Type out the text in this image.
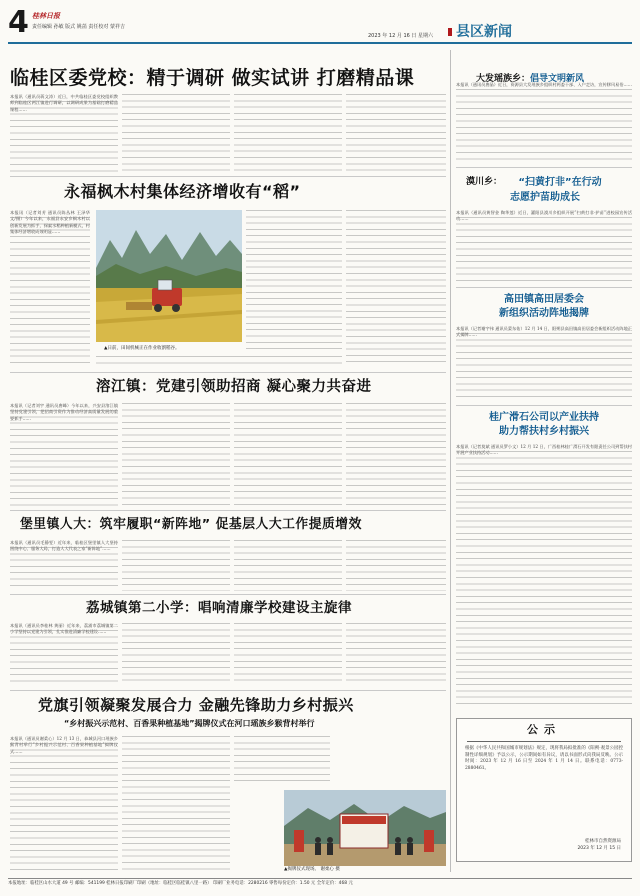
4 桂林日报
责任编辑 孙敏 版式 姚菡 责任校对 蒙祥吉
2023 年 12 月 16 日 星期六 县区新闻
临桂区委党校：精于调研 做实试讲 打磨精品课
本报讯（通讯员蒋文涛）近日，中共临桂区委党校组织教师到临桂区两江镇进行调研，以调研成果为基础打磨精品课程……
永福枫木村集体经济增收有“稻”
本报讯（记者刘芳 通讯员陈丛林 王泽华 文/摄）今年以来，永福县永安乡枫木村以创新发展为抓手，探索水稻种植新模式，村集体经济增收成效明显……
▲日前，田间机械正在作业收割稻谷。
溶江镇：党建引领助招商 凝心聚力共奋进
本报讯（记者刘宇 通讯员唐峰）今年以来，兴安县溶江镇坚持党建引领，把招商引资作为推动经济高质量发展的重要抓手……
堡里镇人大：筑牢履职“新阵地” 促基层人大工作提质增效
本报讯（通讯员毛静雯）近年来，临桂区堡里镇人大坚持围绕中心、服务大局，打造人大代表之家“新阵地”……
荔城镇第二小学：唱响清廉学校建设主旋律
本报讯（通讯员李桂林 黄丽）近年来，荔浦市荔城镇第二小学坚持以党建为引领，扎实推进清廉学校建设……
党旗引领凝聚发展合力 金融先锋助力乡村振兴
“乡村振兴示范村、百香果种植基地”揭牌仪式在河口瑶族乡猴背村举行
本报讯（通讯员谢柔心）12 月 13 日，恭城县河口瑶族乡猴背村举行“乡村振兴示范村、百香果种植基地”揭牌仪式……
▲揭牌仪式现场。 谢柔心 摄
大发瑶族乡：倡导文明新风
本报讯（通讯员唐晶）近日，资源县大发瑶族乡组织村两委干部、入户走访，宣传移风易俗……
漠川乡：	“扫黄打非”在行动
志愿护苗助成长
本报讯（通讯员黄智金 陶华莲）近日，灌阳县漠川乡组织开展“扫黄打非·护苗”进校园宣传活动……
高田镇高田居委会
新组织活动阵地揭牌
本报讯（记者谢宇伟 通讯员蒙东佑）12 月 14 日，阳朔县高田镇高田居委会新组织活动阵地正式揭牌……
桂广滑石公司以产业扶持
助力帮扶村乡村振兴
本报讯（记者莫斌 通讯员罗小文）12 月 12 日，广西桂林桂广滑石开发有限责任公司到帮扶村开展产业扶持活动……
公示
根据《中华人民共和国城市规划法》规定，现将我局拟批准的《阳朔·观景公园控制性详细规划》予以公示，公示期间如有异议，请以书面形式向我局反映。公示时间：2023 年 12 月 16 日至 2024 年 1 月 14 日。联系电话：0773-2880461。
桂林市自然资源局
2023 年 12 月 15 日
本报地址：临桂区山水大道 49 号 邮编：541199 桂林日报印刷厂印刷（地址：临桂区临桂镇八里一路） 印刷厂业务电话：2280216 零售每份定价：1.50 元 全年定价：468 元
